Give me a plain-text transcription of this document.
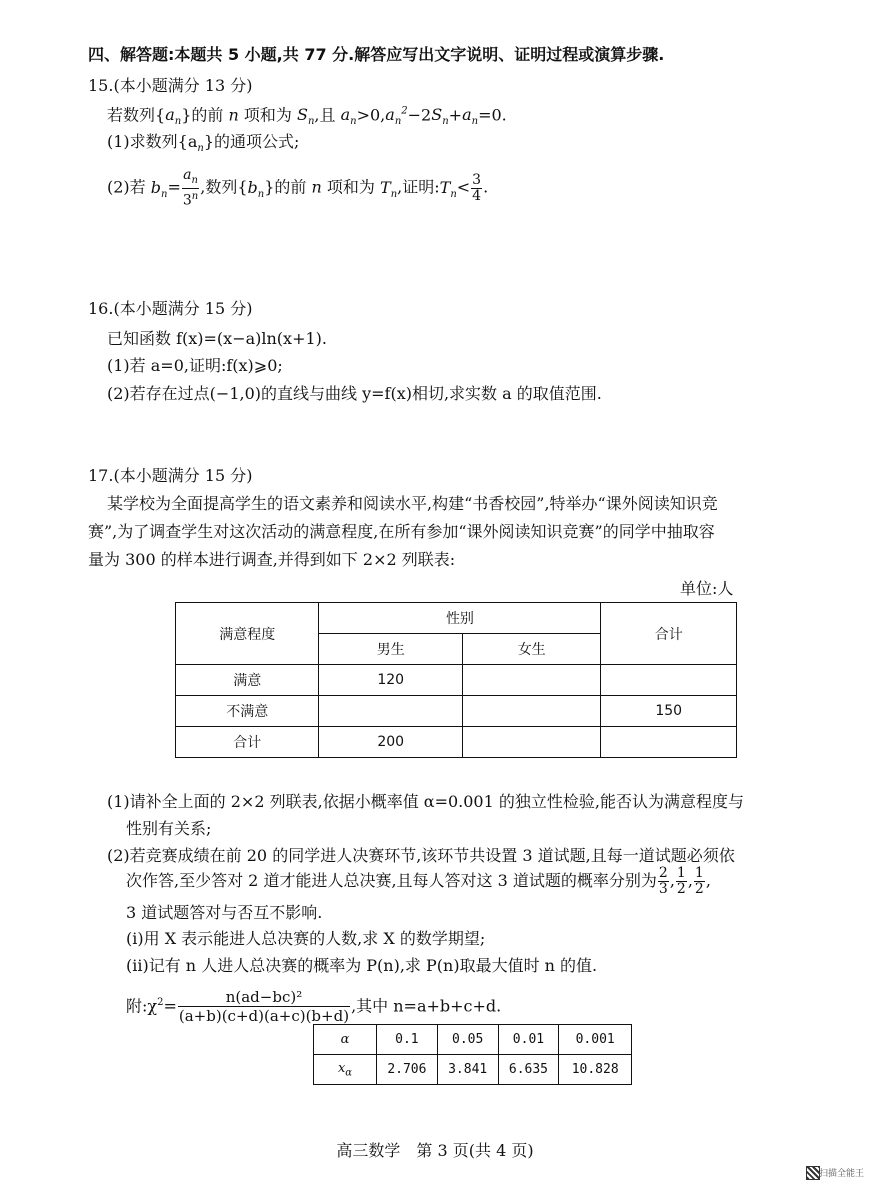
四、解答题:本题共 5 小题,共 77 分.解答应写出文字说明、证明过程或演算步骤.
15.(本小题满分 13 分)
若数列$\{a_n\}$的前 n 项和为 $S_n$,且 $a_n>0,a_n^2-2S_n+a_n=0$.
(1)求数列$\{a_n\}$的通项公式;
(2)若 $b_n= \frac{a_n}{3^n}$ ,数列$\{b_n\}$的前 n 项和为 $T_n$,证明$:T_n< \frac{3}{4}$ .
16.(本小题满分 15 分)
已知函数 f(x)=(x−a)ln(x+1).
(1)若 a=0,证明:f(x)⩾0;
(2)若存在过点(−1,0)的直线与曲线 y=f(x)相切,求实数 a 的取值范围.
17.(本小题满分 15 分)
某学校为全面提高学生的语文素养和阅读水平,构建“书香校园”,特举办“课外阅读知识竞
赛”,为了调查学生对这次活动的满意程度,在所有参加“课外阅读知识竞赛”的同学中抽取容
量为 300 的样本进行调查,并得到如下 2×2 列联表:
单位:人
满意程度	性别		合计
	男生	女生	
满意	120		
不满意			150
合计	200		
(1)请补全上面的 2×2 列联表,依据小概率值 α=0.001 的独立性检验,能否认为满意程度与
性别有关系;
(2)若竞赛成绩在前 20 的同学进人决赛环节,该环节共设置 3 道试题,且每一道试题必须依
次作答,至少答对 2 道才能进人总决赛,且每人答对这 3 道试题的概率分别为 $\frac{2}{3}$ , $\frac{1}{2}$ , $\frac{1}{2}$ ,
3 道试题答对与否互不影响.
(i)用 X 表示能进人总决赛的人数,求 X 的数学期望;
(ii)记有 n 人进人总决赛的概率为 P(n),求 P(n)取最大值时 n 的值.
附$:\chi^2= \frac{\text{n(ad−bc)²}}{(a+b)(c+d)(a+c)(b+d)}$ ,其中 n=a+b+c+d.
α	0.1	0.05	0.01	0.001
$x_\alpha$	2.706	3.841	6.635	10.828
高三数学　第 3 页(共 4 页)
扫描全能王
